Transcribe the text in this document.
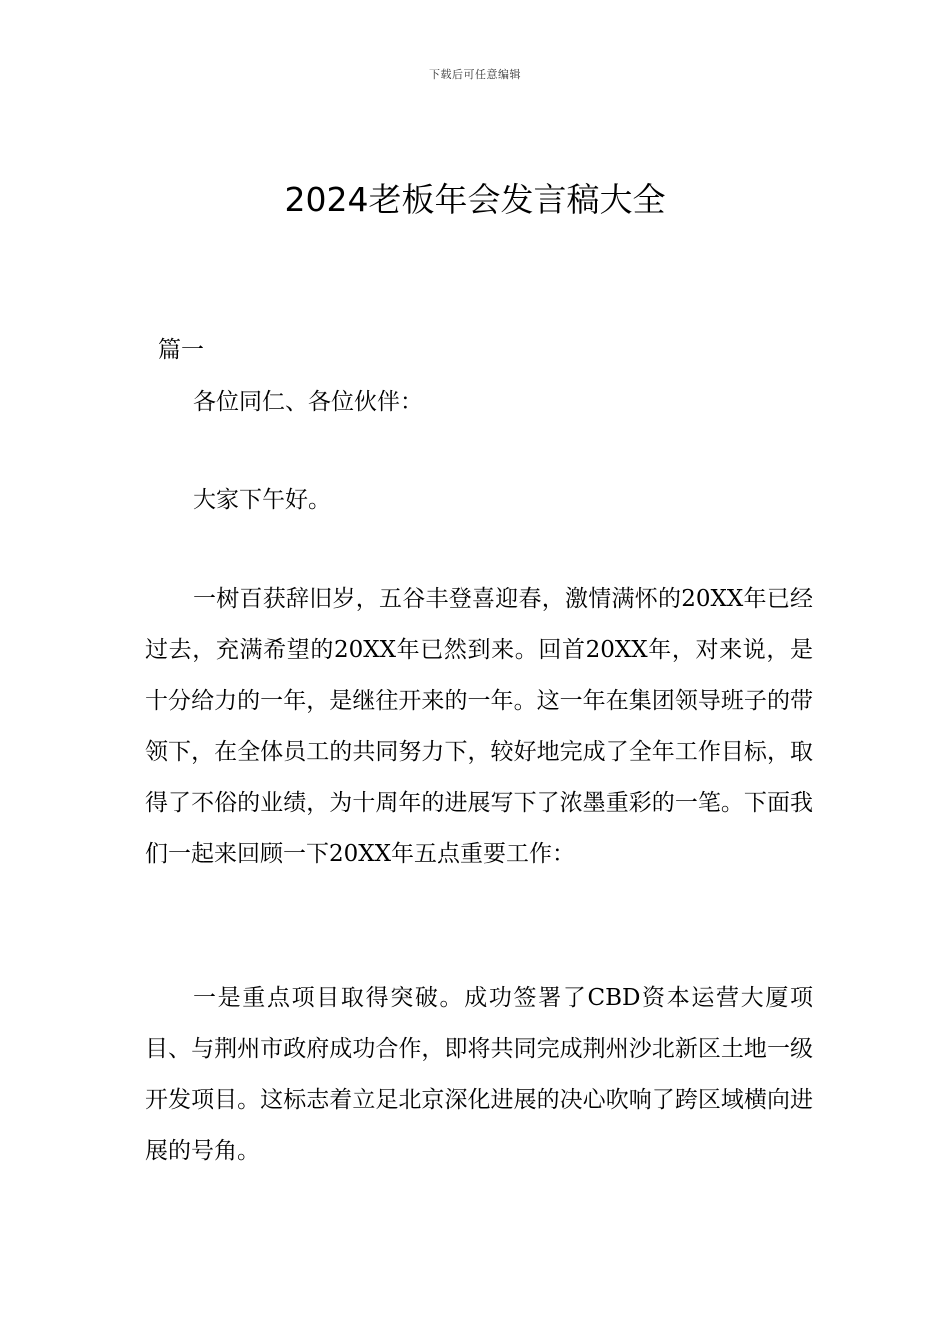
下载后可任意编辑
2024老板年会发言稿大全
篇一

各位同仁、各位伙伴：

大家下午好。

一树百获辞旧岁，五谷丰登喜迎春，激情满怀的20XX年已经过去，充满希望的20XX年已然到来。回首20XX年，对来说，是十分给力的一年，是继往开来的一年。这一年在集团领导班子的带领下，在全体员工的共同努力下，较好地完成了全年工作目标，取得了不俗的业绩，为十周年的进展写下了浓墨重彩的一笔。下面我们一起来回顾一下20XX年五点重要工作：

一是重点项目取得突破。成功签署了CBD资本运营大厦项目、与荆州市政府成功合作，即将共同完成荆州沙北新区土地一级开发项目。这标志着立足北京深化进展的决心吹响了跨区域横向进展的号角。
